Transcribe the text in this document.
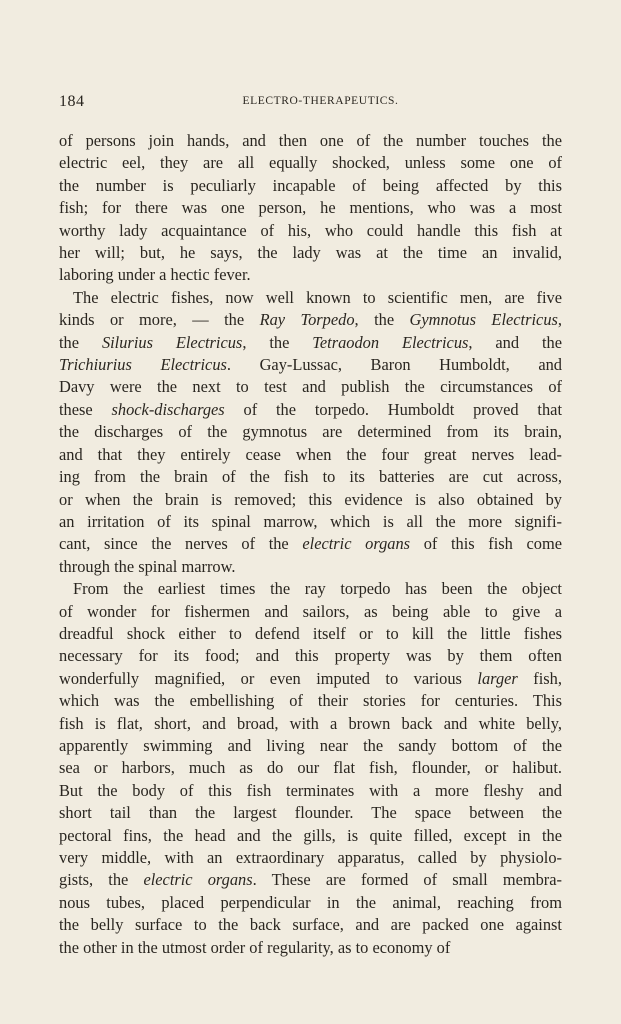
184	ELECTRO-THERAPEUTICS.
of persons join hands, and then one of the number touches the
electric eel, they are all equally shocked, unless some one of
the number is peculiarly incapable of being affected by this
fish; for there was one person, he mentions, who was a most
worthy lady acquaintance of his, who could handle this fish at
her will; but, he says, the lady was at the time an invalid,
laboring under a hectic fever.
The electric fishes, now well known to scientific men, are five
kinds or more, — the Ray Torpedo, the Gymnotus Electricus,
the Silurius Electricus, the Tetraodon Electricus, and the
Trichiurius Electricus. Gay-Lussac, Baron Humboldt, and
Davy were the next to test and publish the circumstances of
these shock-discharges of the torpedo. Humboldt proved that
the discharges of the gymnotus are determined from its brain,
and that they entirely cease when the four great nerves lead-
ing from the brain of the fish to its batteries are cut across,
or when the brain is removed; this evidence is also obtained by
an irritation of its spinal marrow, which is all the more signifi-
cant, since the nerves of the electric organs of this fish come
through the spinal marrow.
From the earliest times the ray torpedo has been the object
of wonder for fishermen and sailors, as being able to give a
dreadful shock either to defend itself or to kill the little fishes
necessary for its food; and this property was by them often
wonderfully magnified, or even imputed to various larger fish,
which was the embellishing of their stories for centuries. This
fish is flat, short, and broad, with a brown back and white belly,
apparently swimming and living near the sandy bottom of the
sea or harbors, much as do our flat fish, flounder, or halibut.
But the body of this fish terminates with a more fleshy and
short tail than the largest flounder. The space between the
pectoral fins, the head and the gills, is quite filled, except in the
very middle, with an extraordinary apparatus, called by physiolo-
gists, the electric organs. These are formed of small membra-
nous tubes, placed perpendicular in the animal, reaching from
the belly surface to the back surface, and are packed one against
the other in the utmost order of regularity, as to economy of
